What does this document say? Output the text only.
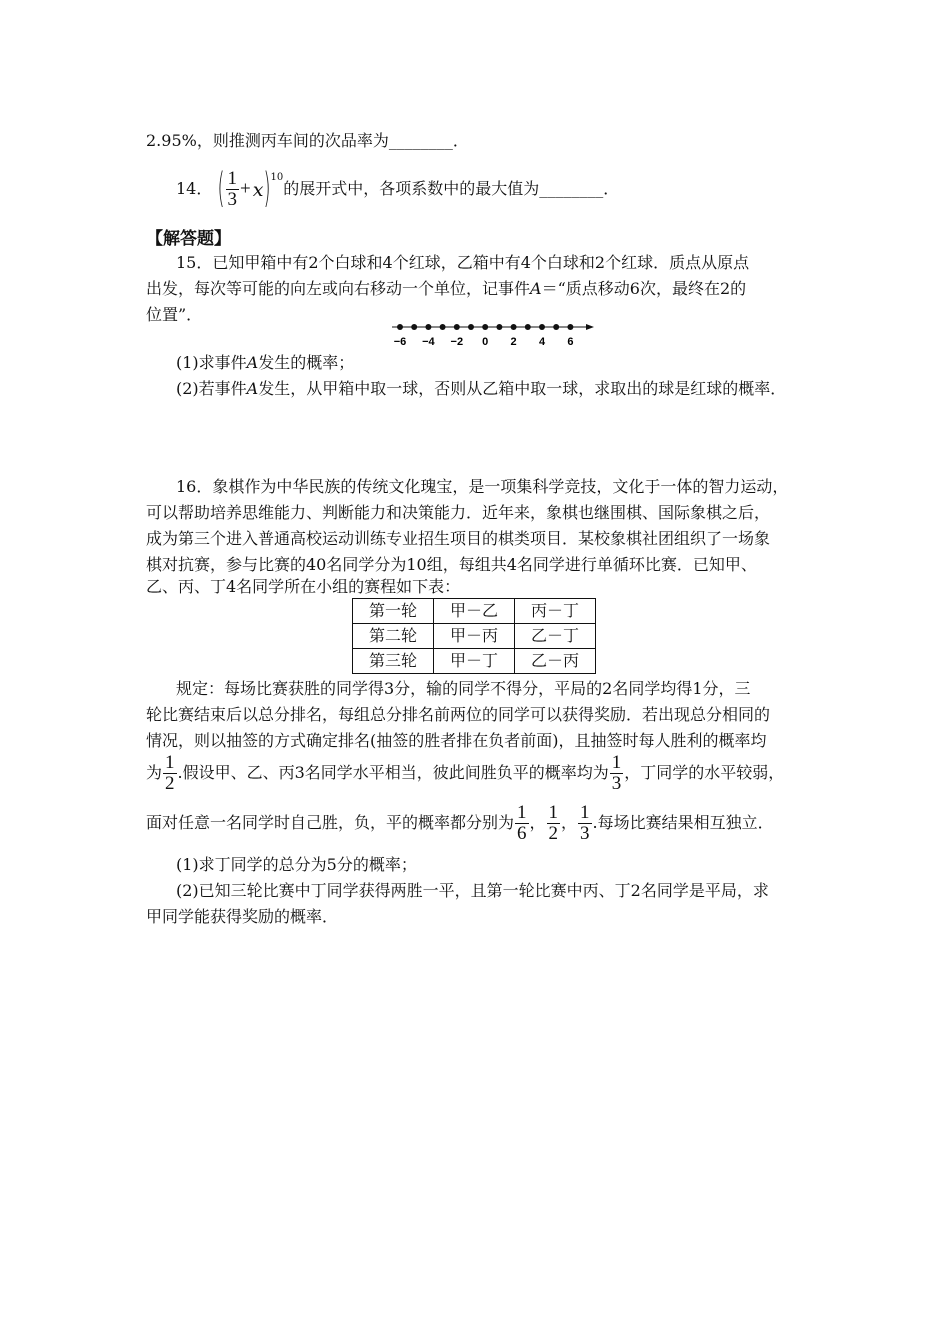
2.95%，则推测丙车间的次品率为________．
14． ( $\frac{1}{3} + x)^{10}$的展开式中，各项系数中的最大值为________．
【解答题】
15．已知甲箱中有2个白球和4个红球，乙箱中有4个白球和2个红球．质点从原点
出发，每次等可能的向左或向右移动一个单位，记事件A＝“质点移动6次，最终在2的
位置”．
−6 −4 −2 0 2 4 6
(1)求事件A发生的概率；
(2)若事件A发生，从甲箱中取一球，否则从乙箱中取一球，求取出的球是红球的概率．
16．象棋作为中华民族的传统文化瑰宝，是一项集科学竞技，文化于一体的智力运动，
可以帮助培养思维能力、判断能力和决策能力．近年来，象棋也继围棋、国际象棋之后，
成为第三个进入普通高校运动训练专业招生项目的棋类项目．某校象棋社团组织了一场象
棋对抗赛，参与比赛的40名同学分为10组，每组共4名同学进行单循环比赛．已知甲、
乙、丙、丁4名同学所在小组的赛程如下表：
第一轮	甲－乙	丙－丁
第二轮	甲－丙	乙－丁
第三轮	甲－丁	乙－丙
规定：每场比赛获胜的同学得3分，输的同学不得分，平局的2名同学均得1分，三
轮比赛结束后以总分排名，每组总分排名前两位的同学可以获得奖励．若出现总分相同的
情况，则以抽签的方式确定排名(抽签的胜者排在负者前面)，且抽签时每人胜利的概率均
为 $\frac{1}{2}$ .假设甲、乙、丙3名同学水平相当，彼此间胜负平的概率均为 $\frac{1}{3}$ ，丁同学的水平较弱，
面对任意一名同学时自己胜，负，平的概率都分别为 $\frac{1}{6}$ ， $\frac{1}{2}$ ， $\frac{1}{3}$ .每场比赛结果相互独立．
(1)求丁同学的总分为5分的概率；
(2)已知三轮比赛中丁同学获得两胜一平，且第一轮比赛中丙、丁2名同学是平局，求
甲同学能获得奖励的概率．
